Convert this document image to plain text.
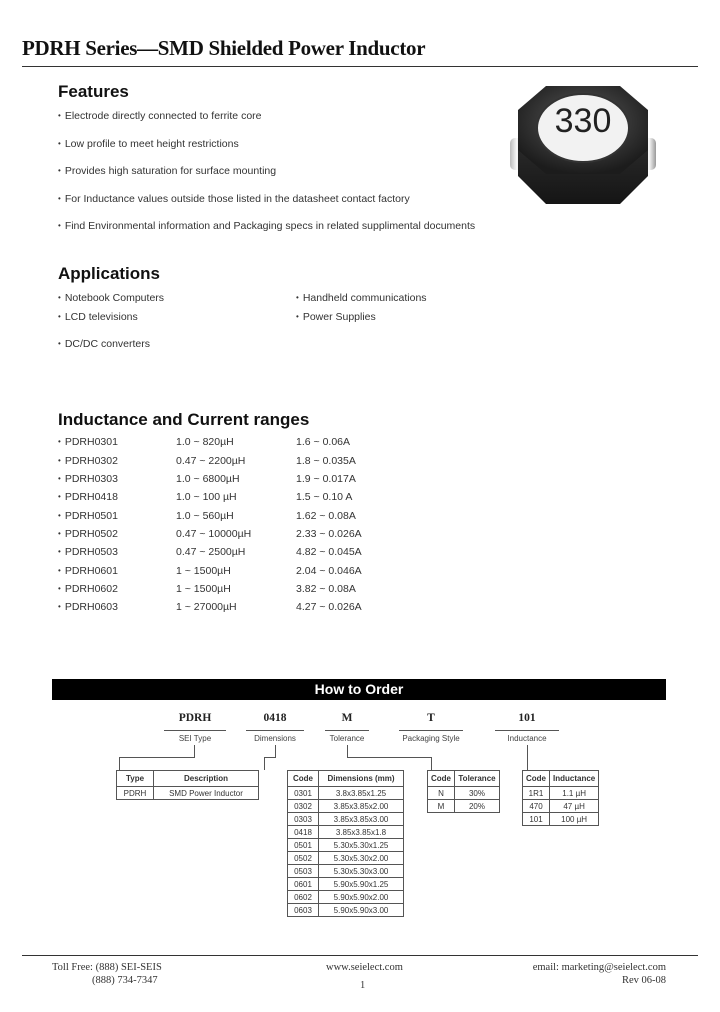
PDRH Series—SMD Shielded Power Inductor
330
Features
• Electrode directly connected to ferrite core
• Low profile to meet height restrictions
• Provides high saturation for surface mounting
• For Inductance values outside those listed in the datasheet contact factory
• Find Environmental information and Packaging specs in related supplimental documents
Applications
• Notebook Computers
• LCD televisions
• DC/DC converters
• Handheld communications
• Power Supplies
Inductance and Current ranges
• PDRH0301	1.0 ~ 820µH	1.6 ~ 0.06A
• PDRH0302	0.47 ~ 2200µH	1.8 ~ 0.035A
• PDRH0303	1.0 ~ 6800µH	1.9 ~ 0.017A
• PDRH0418	1.0 ~ 100 µH	1.5 ~ 0.10 A
• PDRH0501	1.0 ~ 560µH	1.62 ~ 0.08A
• PDRH0502	0.47 ~ 10000µH	2.33 ~ 0.026A
• PDRH0503	0.47 ~ 2500µH	4.82 ~ 0.045A
• PDRH0601	1 ~ 1500µH	2.04 ~ 0.046A
• PDRH0602	1 ~ 1500µH	3.82 ~ 0.08A
• PDRH0603	1 ~ 27000µH	4.27 ~ 0.026A
How to Order
PDRH	0418	M	T	101
SEI Type	Dimensions	Tolerance	Packaging Style	Inductance
Type	Description
PDRH	SMD Power Inductor
Code	Dimensions (mm)
0301	3.8x3.85x1.25
0302	3.85x3.85x2.00
0303	3.85x3.85x3.00
0418	3.85x3.85x1.8
0501	5.30x5.30x1.25
0502	5.30x5.30x2.00
0503	5.30x5.30x3.00
0601	5.90x5.90x1.25
0602	5.90x5.90x2.00
0603	5.90x5.90x3.00
Code	Tolerance
N	30%
M	20%
Code	Inductance
1R1	1.1 µH
470	47 µH
101	100 µH
Toll Free: (888) SEI-SEIS
(888) 734-7347
www.seielect.com
1
email: marketing@seielect.com
Rev 06-08
